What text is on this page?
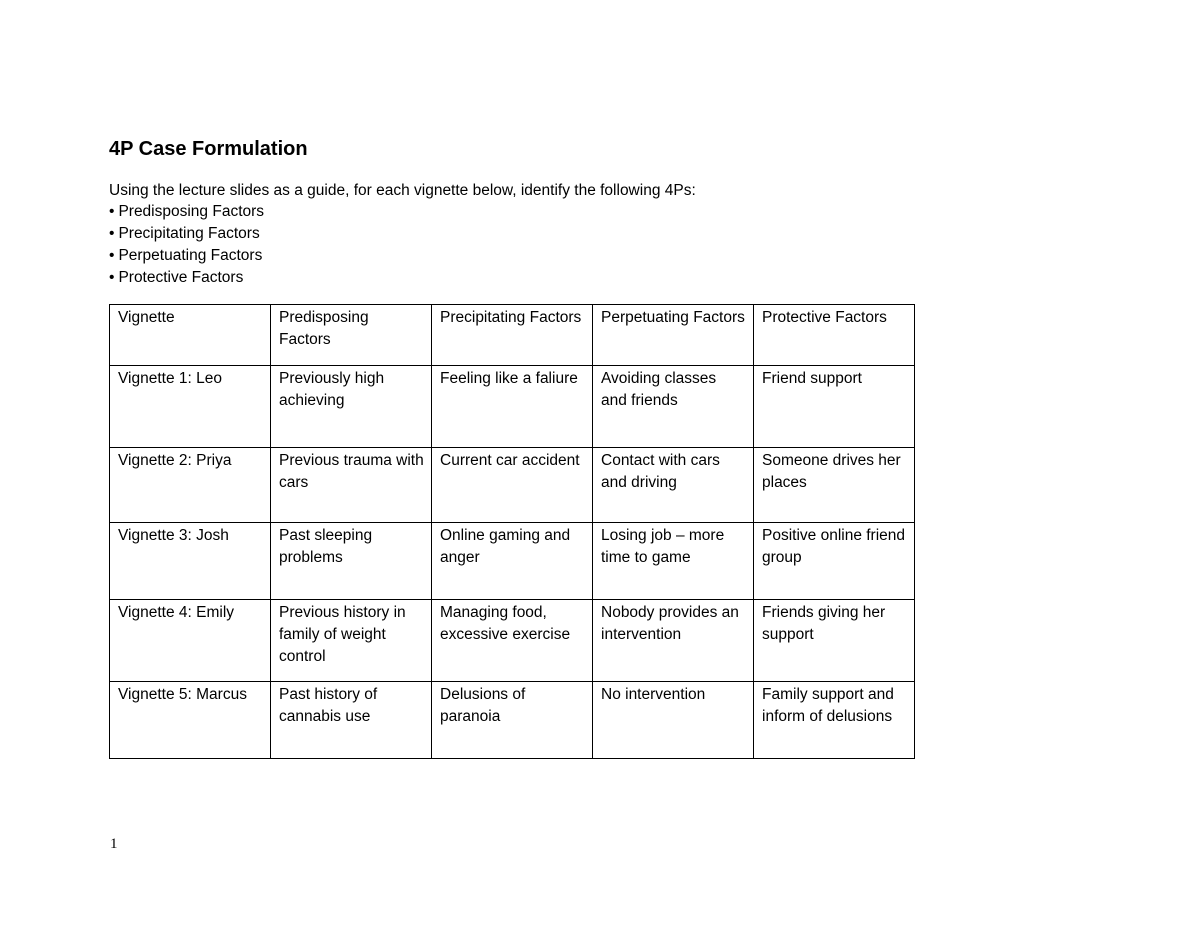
4P Case Formulation

Using the lecture slides as a guide, for each vignette below, identify the following 4Ps:

• Predisposing Factors
• Precipitating Factors
• Perpetuating Factors
• Protective Factors
Vignette	Predisposing Factors	Precipitating Factors	Perpetuating Factors	Protective Factors
Vignette 1: Leo	Previously high achieving	Feeling like a faliure	Avoiding classes and friends	Friend support
Vignette 2: Priya	Previous trauma with cars	Current car accident	Contact with cars and driving	Someone drives her places
Vignette 3: Josh	Past sleeping problems	Online gaming and anger	Losing job – more time to game	Positive online friend group
Vignette 4: Emily	Previous history in family of weight control	Managing food, excessive exercise	Nobody provides an intervention	Friends giving her support
Vignette 5: Marcus	Past history of cannabis use	Delusions of paranoia	No intervention	Family support and inform of delusions

1
